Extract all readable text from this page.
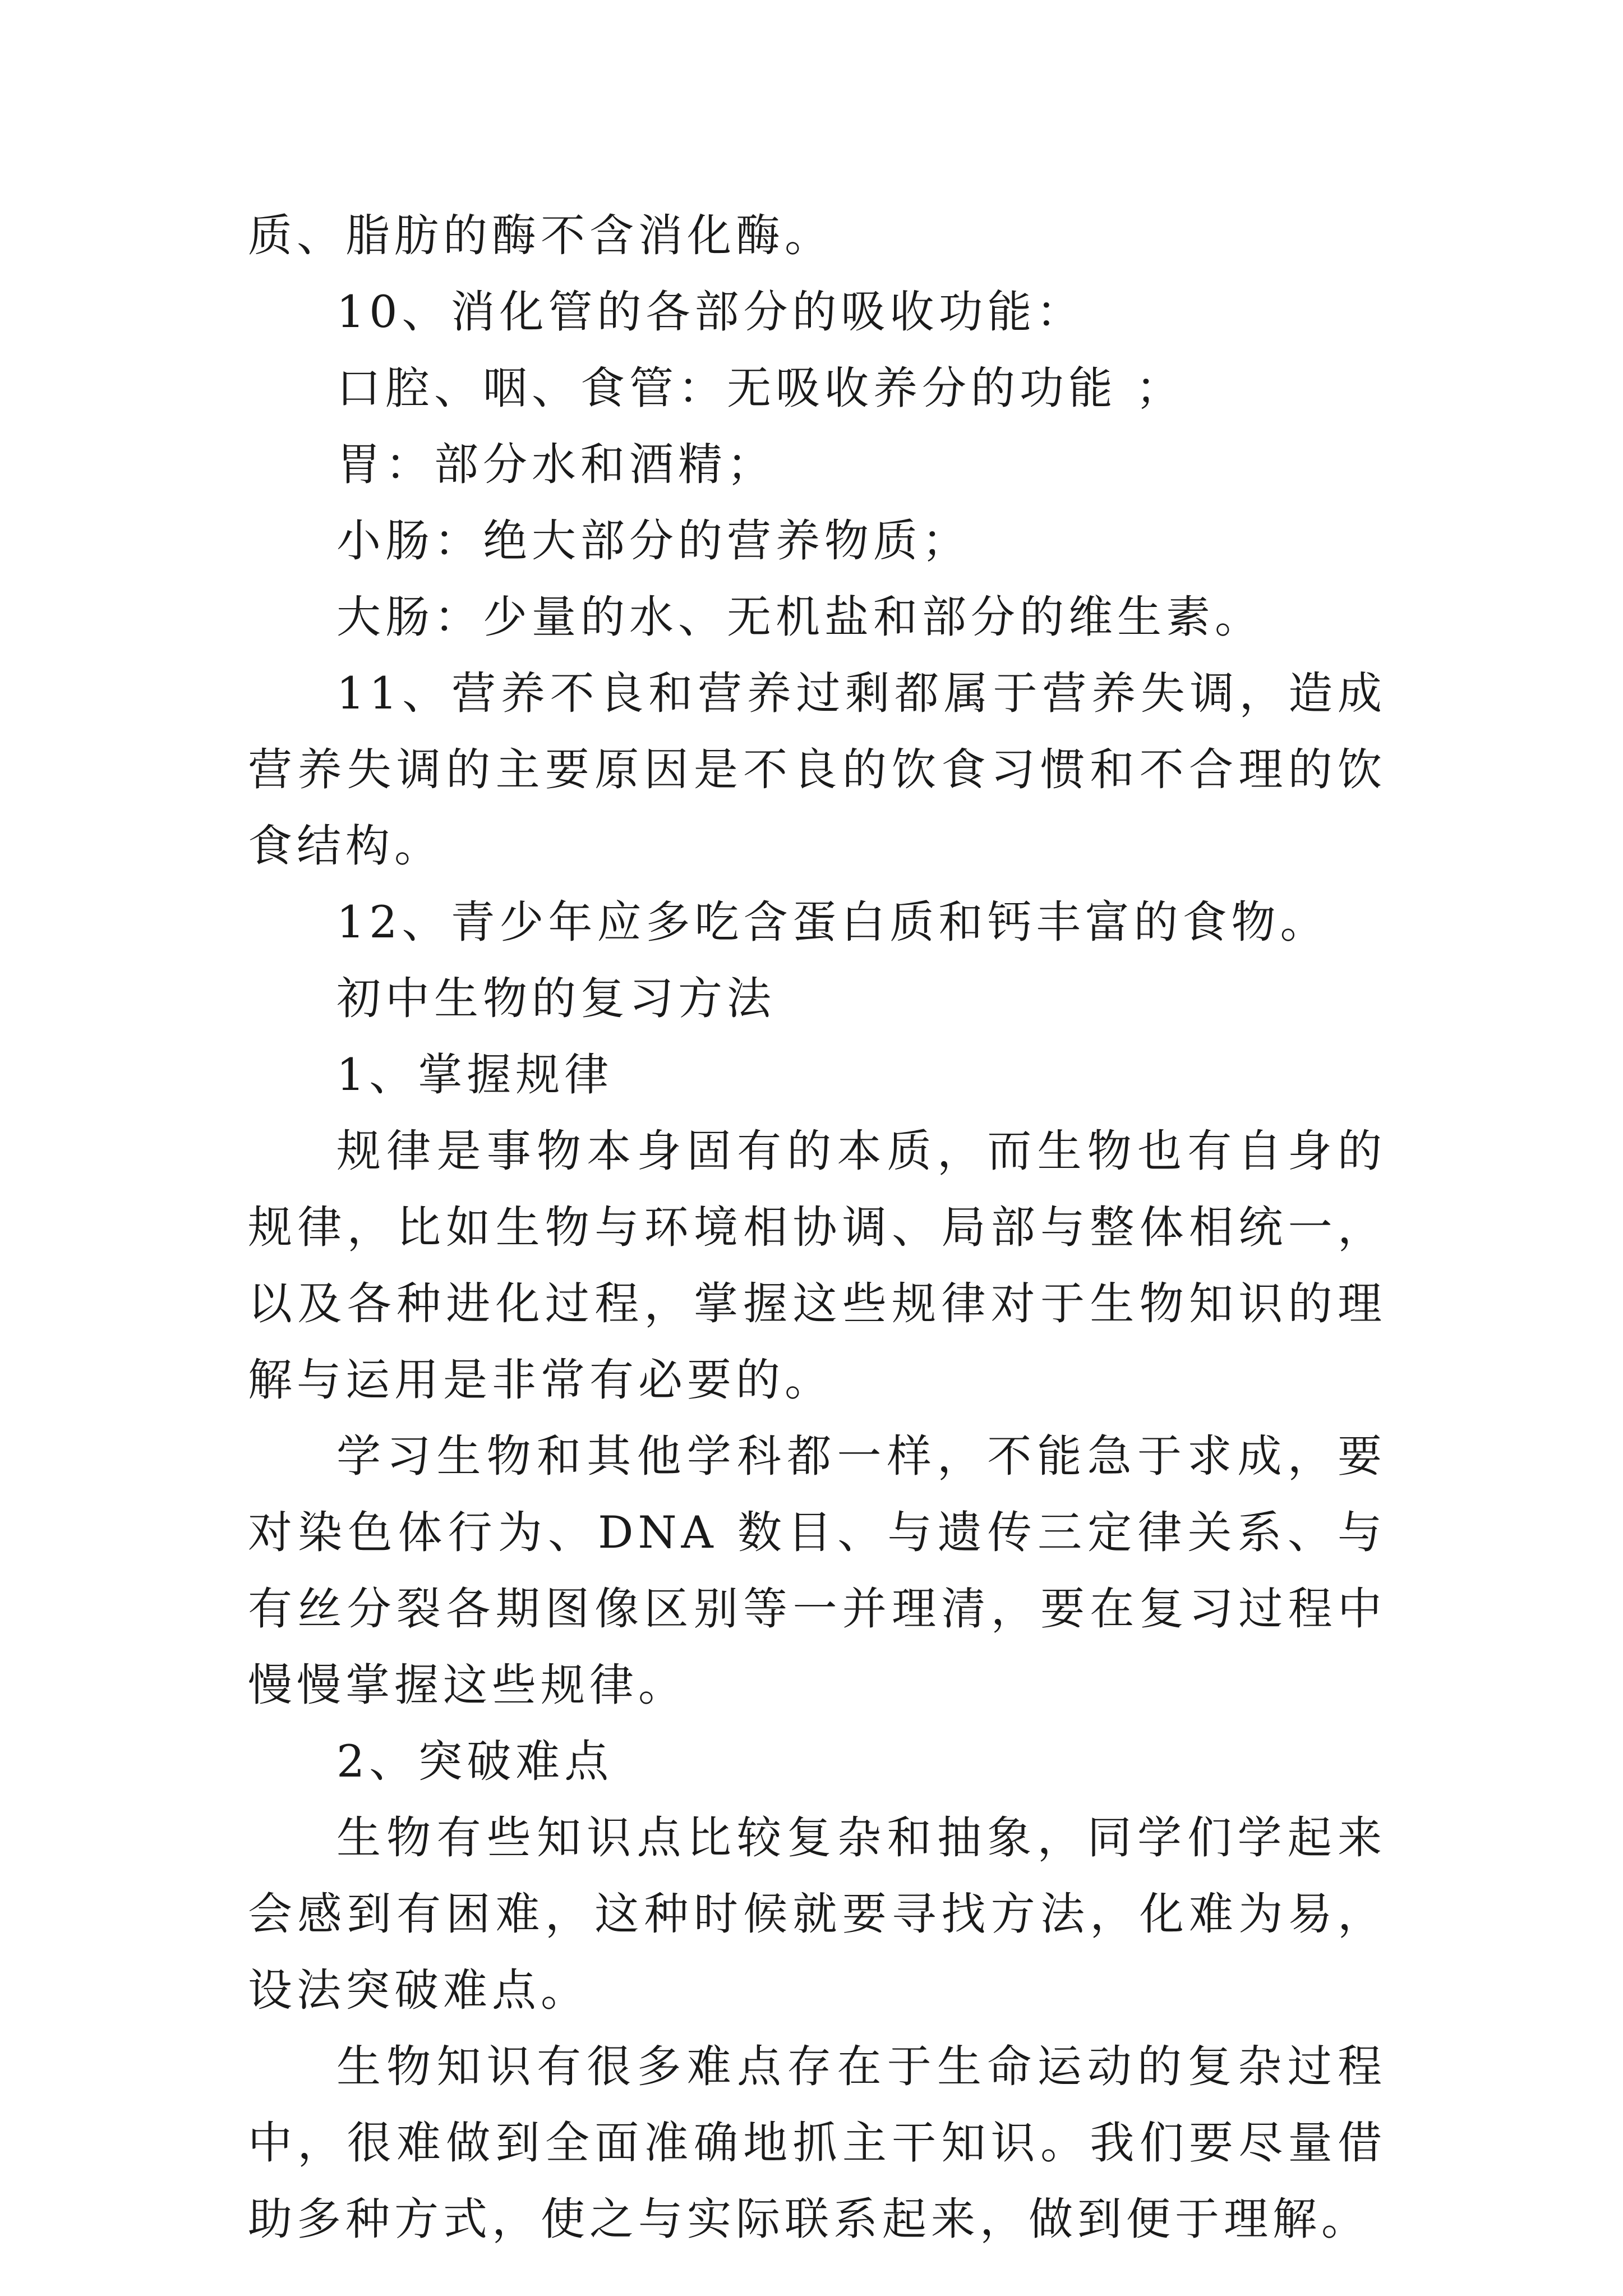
质、脂肪的酶不含消化酶。

10、消化管的各部分的吸收功能：

口腔、咽、食管：无吸收养分的功能 ；

胃：部分水和酒精；

小肠：绝大部分的营养物质；

大肠：少量的水、无机盐和部分的维生素。

11、营养不良和营养过剩都属于营养失调，造成营养失调的主要原因是不良的饮食习惯和不合理的饮食结构。

12、青少年应多吃含蛋白质和钙丰富的食物。

初中生物的复习方法

1、掌握规律

规律是事物本身固有的本质，而生物也有自身的规律，比如生物与环境相协调、局部与整体相统一，以及各种进化过程，掌握这些规律对于生物知识的理解与运用是非常有必要的。

学习生物和其他学科都一样，不能急于求成，要对染色体行为、DNA 数目、与遗传三定律关系、与有丝分裂各期图像区别等一并理清，要在复习过程中慢慢掌握这些规律。

2、突破难点

生物有些知识点比较复杂和抽象，同学们学起来会感到有困难，这种时候就要寻找方法，化难为易，设法突破难点。

生物知识有很多难点存在于生命运动的复杂过程中，很难做到全面准确地抓主干知识。我们要尽量借助多种方式，使之与实际联系起来，做到便于理解。
